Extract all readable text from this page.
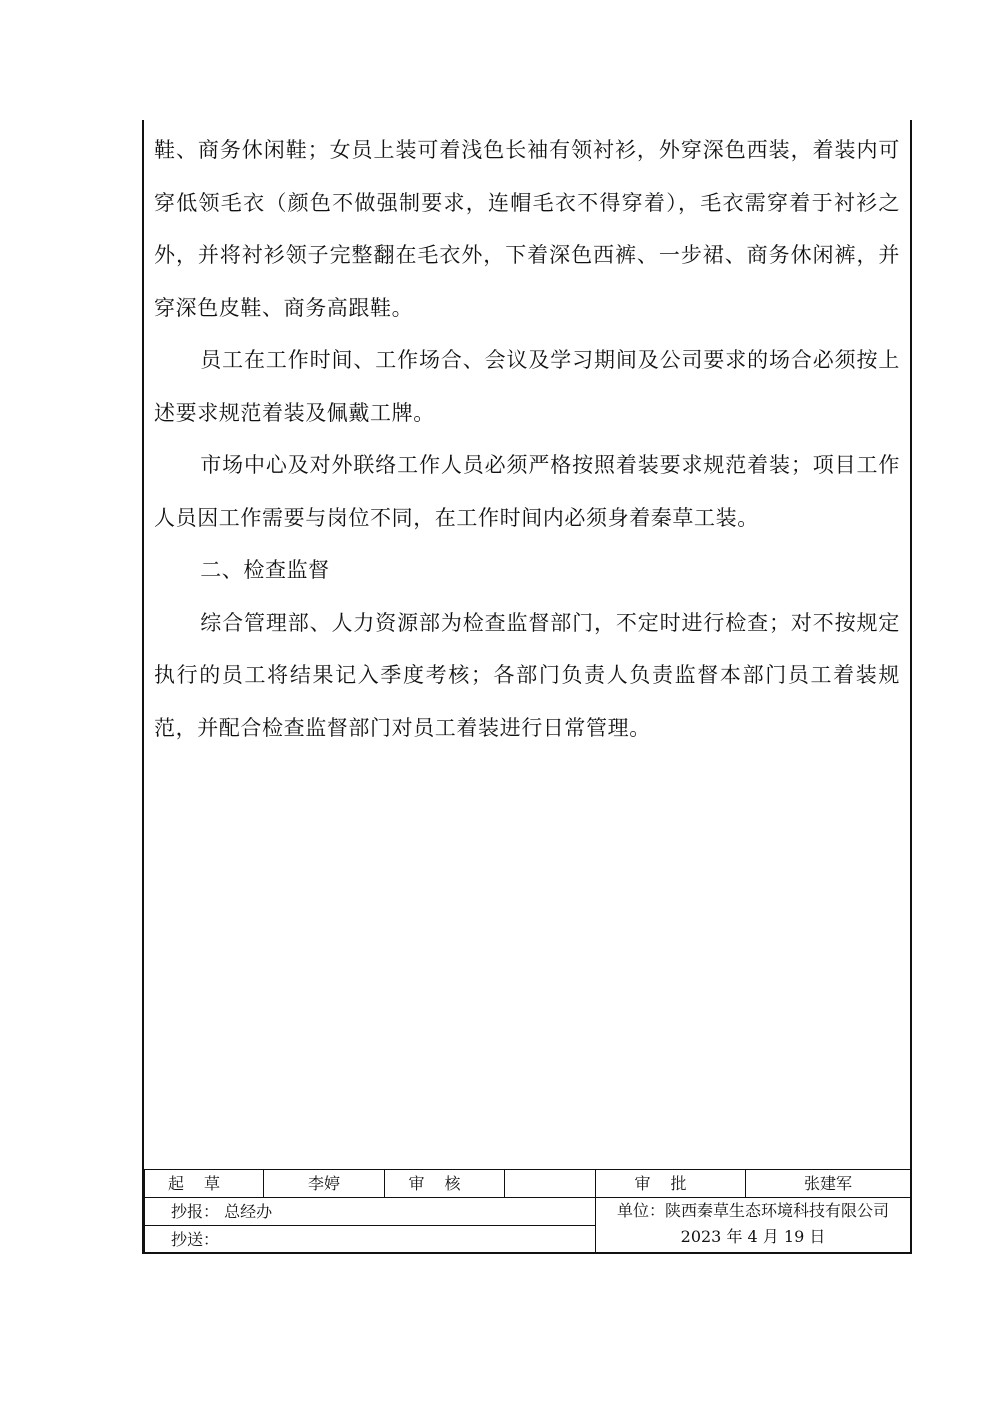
鞋、商务休闲鞋；女员上装可着浅色长袖有领衬衫，外穿深色西装，着装内可穿低领毛衣（颜色不做强制要求，连帽毛衣不得穿着），毛衣需穿着于衬衫之外，并将衬衫领子完整翻在毛衣外，下着深色西裤、一步裙、商务休闲裤，并穿深色皮鞋、商务高跟鞋。

员工在工作时间、工作场合、会议及学习期间及公司要求的场合必须按上述要求规范着装及佩戴工牌。

市场中心及对外联络工作人员必须严格按照着装要求规范着装；项目工作人员因工作需要与岗位不同，在工作时间内必须身着秦草工装。

二、检查监督

综合管理部、人力资源部为检查监督部门，不定时进行检查；对不按规定执行的员工将结果记入季度考核；各部门负责人负责监督本部门员工着装规范，并配合检查监督部门对员工着装进行日常管理。

起草	李婷	审核		审批	张建军
抄报： 总经办				单位：陕西秦草生态环境科技有限公司
2023 年 4 月 19 日	

抄送：					
